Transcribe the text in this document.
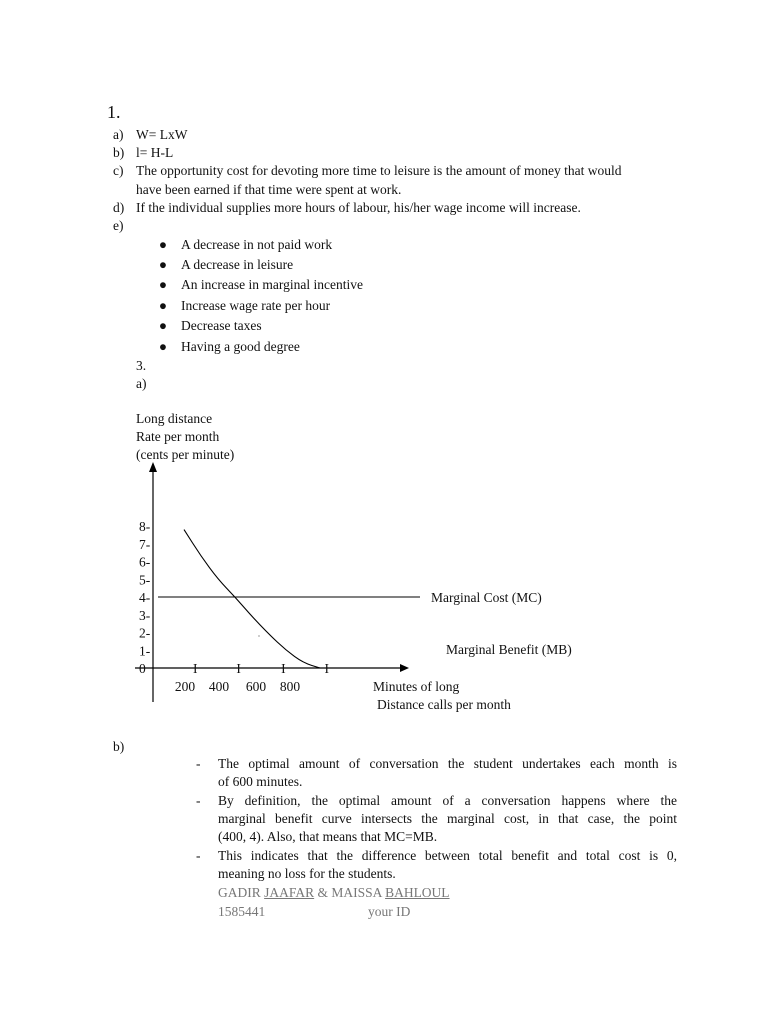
1.
a) W= LxW
b) l= H-L
c) The opportunity cost for devoting more time to leisure is the amount of money that would
have been earned if that time were spent at work.
d) If the individual supplies more hours of labour, his/her wage income will increase.
e)
● A decrease in not paid work
● A decrease in leisure
● An increase in marginal incentive
● Increase wage rate per hour
● Decrease taxes
● Having a good degree
3.
a)
Long distance
Rate per month
(cents per minute)
8-
7-
6-
5-
4-
3-
2-
1-
0	I
200
I
400
I
600
I
800
Marginal Cost (MC)
Marginal Benefit (MB)
Minutes of long
Distance calls per month
b)
- The optimal amount of conversation the student undertakes each month is
of 600 minutes.
- By definition, the optimal amount of a conversation happens where the
marginal benefit curve intersects the marginal cost, in that case, the point
(400, 4). Also, that means that MC=MB.
- This indicates that the difference between total benefit and total cost is 0,
meaning no loss for the students.
GADIR JAAFAR & MAISSA BAHLOUL
1585441	your ID
